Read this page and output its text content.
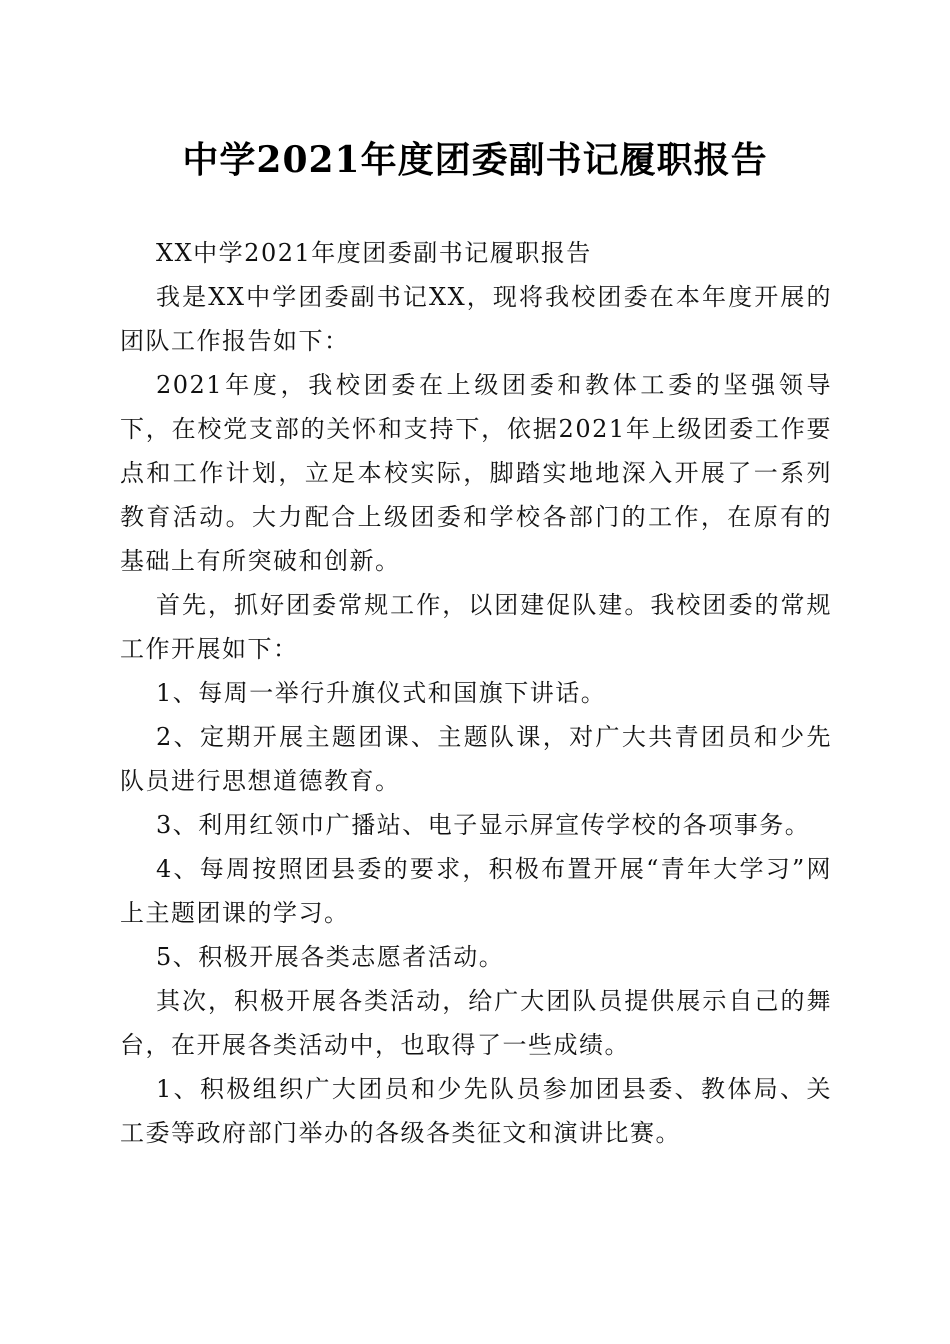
中学2021年度团委副书记履职报告

XX中学2021年度团委副书记履职报告

我是XX中学团委副书记XX，现将我校团委在本年度开展的团队工作报告如下：

2021年度，我校团委在上级团委和教体工委的坚强领导下，在校党支部的关怀和支持下，依据2021年上级团委工作要点和工作计划，立足本校实际，脚踏实地地深入开展了一系列教育活动。大力配合上级团委和学校各部门的工作，在原有的基础上有所突破和创新。

首先，抓好团委常规工作，以团建促队建。我校团委的常规工作开展如下：

1、每周一举行升旗仪式和国旗下讲话。

2、定期开展主题团课、主题队课，对广大共青团员和少先队员进行思想道德教育。

3、利用红领巾广播站、电子显示屏宣传学校的各项事务。

4、每周按照团县委的要求，积极布置开展“青年大学习”网上主题团课的学习。

5、积极开展各类志愿者活动。

其次，积极开展各类活动，给广大团队员提供展示自己的舞台，在开展各类活动中，也取得了一些成绩。

1、积极组织广大团员和少先队员参加团县委、教体局、关工委等政府部门举办的各级各类征文和演讲比赛。
